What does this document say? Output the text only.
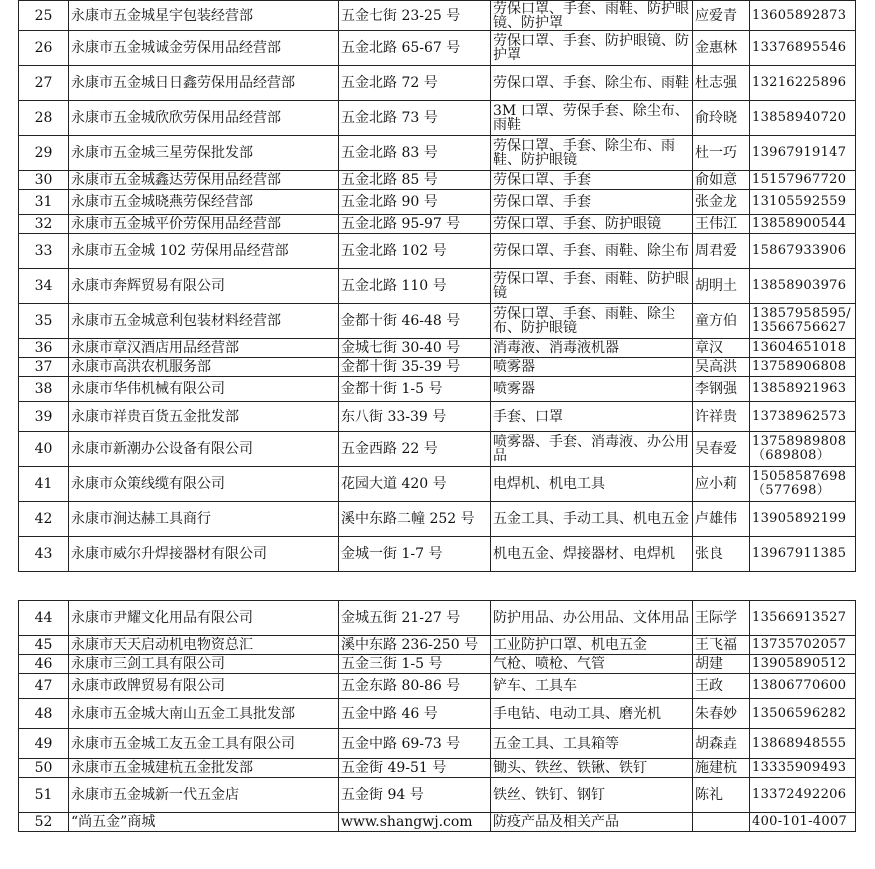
25	永康市五金城星宇包装经营部	五金七街 23-25 号	劳保口罩、手套、雨鞋、防护眼镜、防护罩	应爱青	13605892873
26	永康市五金城诚金劳保用品经营部	五金北路 65-67 号	劳保口罩、手套、防护眼镜、防护罩	金惠林	13376895546
27	永康市五金城日日鑫劳保用品经营部	五金北路 72 号	劳保口罩、手套、除尘布、雨鞋	杜志强	13216225896
28	永康市五金城欣欣劳保用品经营部	五金北路 73 号	3M 口罩、劳保手套、除尘布、雨鞋	俞玲晓	13858940720
29	永康市五金城三星劳保批发部	五金北路 83 号	劳保口罩、手套、除尘布、雨鞋、防护眼镜	杜一巧	13967919147
30	永康市五金城鑫达劳保用品经营部	五金北路 85 号	劳保口罩、手套	俞如意	15157967720
31	永康市五金城晓燕劳保经营部	五金北路 90 号	劳保口罩、手套	张金龙	13105592559
32	永康市五金城平价劳保用品经营部	五金北路 95-97 号	劳保口罩、手套、防护眼镜	王伟江	13858900544
33	永康市五金城 102 劳保用品经营部	五金北路 102 号	劳保口罩、手套、雨鞋、除尘布	周君爱	15867933906
34	永康市奔辉贸易有限公司	五金北路 110 号	劳保口罩、手套、雨鞋、防护眼镜	胡明土	13858903976
35	永康市五金城意利包装材料经营部	金都十街 46-48 号	劳保口罩、手套、雨鞋、除尘布、防护眼镜	童方伯	13857958595/13566756627
36	永康市章汉酒店用品经营部	金城七街 30-40 号	消毒液、消毒液机器	章汉	13604651018
37	永康市高洪农机服务部	金都十街 35-39 号	喷雾器	吴高洪	13758906808
38	永康市华伟机械有限公司	金都十街 1-5 号	喷雾器	李钢强	13858921963
39	永康市祥贵百货五金批发部	东八街 33-39 号	手套、口罩	许祥贵	13738962573
40	永康市新潮办公设备有限公司	五金西路 22 号	喷雾器、手套、消毒液、办公用品	吴春爱	13758989808（689808）
41	永康市众策线缆有限公司	花园大道 420 号	电焊机、机电工具	应小莉	15058587698（577698）
42	永康市涧达赫工具商行	溪中东路二幢 252 号	五金工具、手动工具、机电五金	卢雄伟	13905892199
43	永康市威尔升焊接器材有限公司	金城一街 1-7 号	机电五金、焊接器材、电焊机	张良	13967911385
44	永康市尹耀文化用品有限公司	金城五街 21-27 号	防护用品、办公用品、文体用品	王际学	13566913527
45	永康市天天启动机电物资总汇	溪中东路 236-250 号	工业防护口罩、机电五金	王飞福	13735702057
46	永康市三剑工具有限公司	五金三街 1-5 号	气枪、喷枪、气管	胡建	13905890512
47	永康市政牌贸易有限公司	五金东路 80-86 号	铲车、工具车	王政	13806770600
48	永康市五金城大南山五金工具批发部	五金中路 46 号	手电钻、电动工具、磨光机	朱春妙	13506596282
49	永康市五金城工友五金工具有限公司	五金中路 69-73 号	五金工具、工具箱等	胡森垚	13868948555
50	永康市五金城建杭五金批发部	五金街 49-51 号	锄头、铁丝、铁锹、铁钉	施建杭	13335909493
51	永康市五金城新一代五金店	五金街 94 号	铁丝、铁钉、钢钉	陈礼	13372492206
52	“尚五金”商城	www.shangwj.com	防疫产品及相关产品		400-101-4007
